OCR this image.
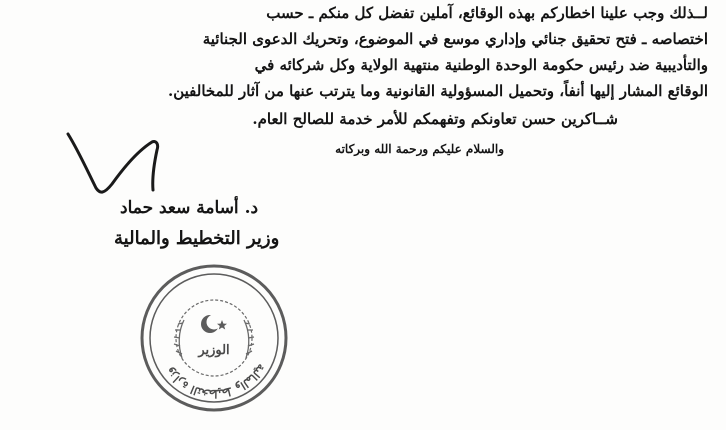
لــذلك وجب علينا اخطاركم بهذه الوقائع، آملين تفضل كل منكم ـ حسب
اختصاصه ـ فتح تحقيق جنائي وإداري موسع في الموضوع، وتحريك الدعوى الجنائية
والتأديبية ضد رئيس حكومة الوحدة الوطنية منتهية الولاية وكل شركائه في
الوقائع المشار إليها أنفاً، وتحميل المسؤولية القانونية وما يترتب عنها من آثار للمخالفين.
شــاكرين حسن تعاونكم وتفهمكم للأمر خدمة للصالح العام.
والسلام عليكم ورحمة الله وبركاته
د. أسامة سعد حماد
وزير التخطيط والمالية
الوزير
وزارة التخطيط والمالية
